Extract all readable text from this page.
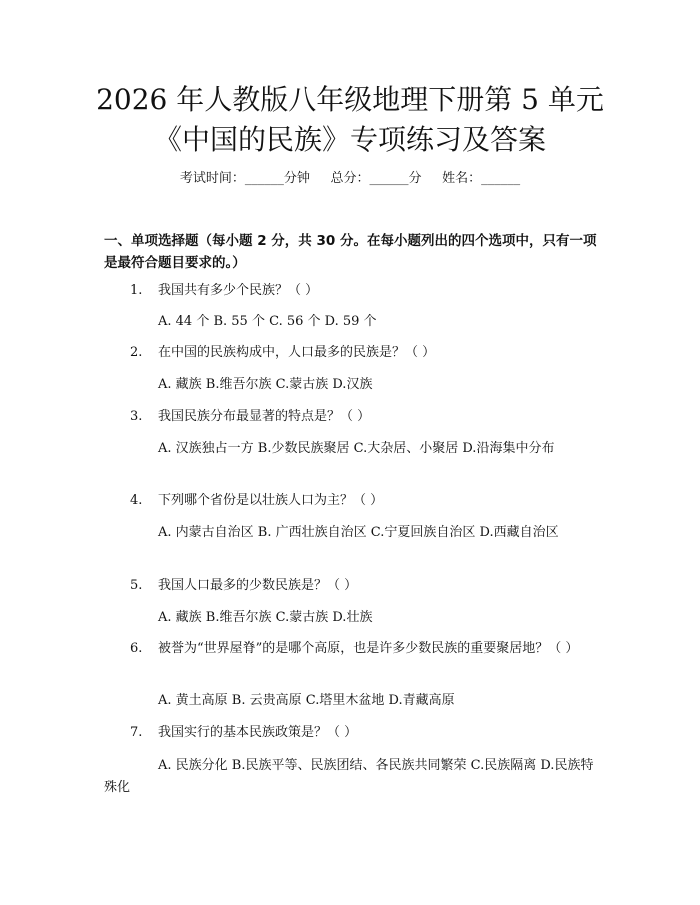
2026 年人教版八年级地理下册第 5 单元《中国的民族》专项练习及答案
考试时间：______分钟     总分：______分     姓名：______
一、单项选择题（每小题 2 分，共 30 分。在每小题列出的四个选项中，只有一项是最符合题目要求的。）
1. 我国共有多少个民族？（ ）
A. 44 个 B. 55 个 C. 56 个 D. 59 个
2. 在中国的民族构成中，人口最多的民族是？（ ）
A. 藏族 B.维吾尔族 C.蒙古族 D.汉族
3. 我国民族分布最显著的特点是？（ ）
A. 汉族独占一方 B.少数民族聚居 C.大杂居、小聚居 D.沿海集中分布
4. 下列哪个省份是以壮族人口为主？（ ）
A. 内蒙古自治区 B. 广西壮族自治区 C.宁夏回族自治区 D.西藏自治区
5. 我国人口最多的少数民族是？（ ）
A. 藏族 B.维吾尔族 C.蒙古族 D.壮族
6. 被誉为“世界屋脊”的是哪个高原，也是许多少数民族的重要聚居地？（ ）
A. 黄土高原 B. 云贵高原 C.塔里木盆地 D.青藏高原
7. 我国实行的基本民族政策是？（ ）
A. 民族分化 B.民族平等、民族团结、各民族共同繁荣 C.民族隔离 D.民族特殊化
